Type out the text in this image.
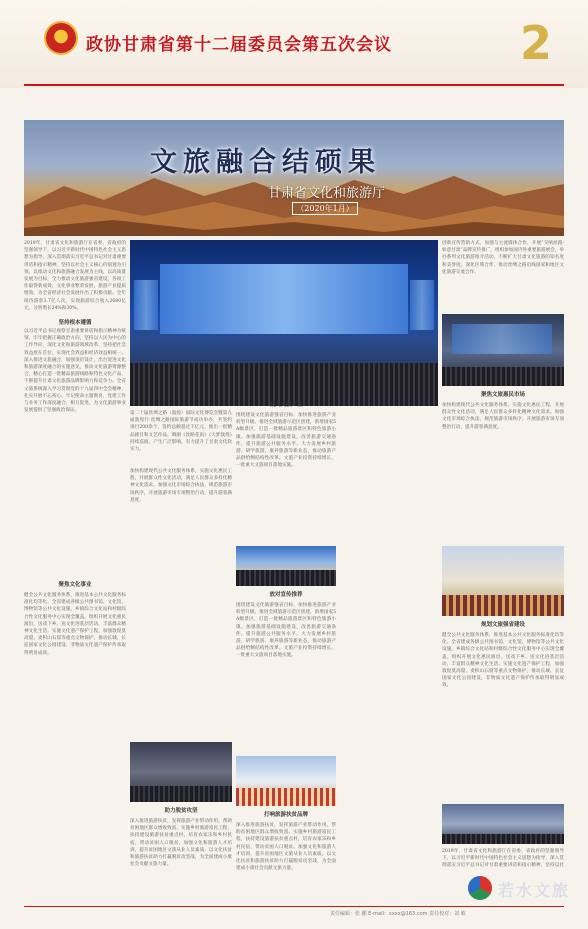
政协甘肃省第十二届委员会第五次会议	2
文旅融合结硕果
甘肃省文化和旅游厅
（2020年1月）
2019年，甘肃省文化和旅游厅在省委、省政府的坚强领导下，以习近平新时代中国特色社会主义思想为指导，深入贯彻落实习近平总书记对甘肃重要讲话和指示精神，坚持以社会主义核心价值观为引领，以推动文化和旅游融合发展为主线，以高质量发展为目标，全力推动文化旅游强省建设，各项工作取得新成效，文化事业繁荣发展，旅游产业提质增效，为全省经济社会发展作出了积极贡献。全年接待游客3.7亿人次，实现旅游综合收入2680亿元，分别增长24%和30%。
坚持根本遵循
以习近平总书记视察甘肃重要讲话和指示精神为统领，牢牢把握正确政治方向，坚持以人民为中心的工作导向，深化文化和旅游领域改革，坚持把社会效益放在首位、实现社会效益和经济效益相统一。深入推进文旅融合，加强顶层设计，出台促进文化和旅游深度融合的实施意见，推动文化旅游资源整合，精心打造一批精品旅游线路和特色文化产品，不断提升甘肃文化旅游品牌影响力和竞争力。全省文旅系统深入学习贯彻党的十九届四中全会精神，扎实开展不忘初心、牢记使命主题教育，党建工作与业务工作深度融合、相互促进，为文化旅游事业发展提供了坚强政治保证。
聚焦文化事业
健全公共文化服务体系，推进基本公共文化服务标准化均等化。全省建成各级公共图书馆、文化馆、博物馆等公共文化设施，乡镇综合文化站和村级综合性文化服务中心实现全覆盖。组织开展文化惠民演出，送戏下乡、送文化进基层活动，丰富群众精神文化生活。实施文化遗产保护工程，加强敦煌莫高窟、麦积山石窟等重点文物保护，推动长城、长征国家文化公园建设，非物质文化遗产保护传承取得明显成效。
第二十届丝绸之路（敦煌）国际文化博览会暨第九届敦煌行·丝绸之路国际旅游节成功举办，共签约项目200余个，签约总额超过千亿元。推出一批精品剧目和文艺作品，舞剧《丝路花雨》《大梦敦煌》持续巡演，产生广泛影响，有力提升了甘肃文化软实力。
做大文旅产业
围绕建设文化旅游强省目标，加快推进旅游产业转型升级。推进全域旅游示范区创建，新增国家5A级景区，打造一批精品旅游景区和特色旅游小镇。加强旅游基础设施建设，改善旅游交通条件，提升旅游公共服务水平。大力发展乡村旅游、研学旅游、康养旅游等新业态，推动旅游产品供给侧结构性改革。文旅产业投资持续增长，一批重大文旅项目落地实施。
加快构建现代公共文化服务体系，实施文化惠民工程，开展群众性文化活动，满足人民群众多样化精神文化需求。加强文化市场综合执法，规范旅游市场秩序，开展旅游市场专项整治行动，提升游客满意度。
创新宣传营销方式，加强与主流媒体合作，开展“交响丝路·如意甘肃”品牌宣传推广，组织参加国内外重要旅游展会，举办系列文化旅游推介活动，不断扩大甘肃文化旅游的知名度和美誉度。深化区域合作，推动丝绸之路沿线国家和地区文化旅游交流合作。
聚焦文旅惠民市场
加快构建现代公共文化服务体系，实施文化惠民工程，开展群众性文化活动，满足人民群众多样化精神文化需求。加强文化市场综合执法，规范旅游市场秩序，开展旅游市场专项整治行动，提升游客满意度。
放对宣传推荐
围绕建设文化旅游强省目标，加快推进旅游产业转型升级。推进全域旅游示范区创建，新增国家5A级景区，打造一批精品旅游景区和特色旅游小镇。加强旅游基础设施建设，改善旅游交通条件，提升旅游公共服务水平。大力发展乡村旅游、研学旅游、康养旅游等新业态，推动旅游产品供给侧结构性改革。文旅产业投资持续增长，一批重大文旅项目落地实施。
规划文旅强省建设
健全公共文化服务体系，推进基本公共文化服务标准化均等化。全省建成各级公共图书馆、文化馆、博物馆等公共文化设施，乡镇综合文化站和村级综合性文化服务中心实现全覆盖。组织开展文化惠民演出，送戏下乡、送文化进基层活动，丰富群众精神文化生活。实施文化遗产保护工程，加强敦煌莫高窟、麦积山石窟等重点文物保护，推动长城、长征国家文化公园建设，非物质文化遗产保护传承取得明显成效。
助力脱贫攻坚
深入推进旅游扶贫，发挥旅游产业带动作用，帮助贫困地区群众增收致富。实施乡村旅游富民工程，扶持建设旅游扶贫重点村，培育农家乐和乡村民宿，带动贫困人口脱贫。加强文化和旅游人才培训，提升贫困地区文旅从业人员素质。以文化扶贫和旅游扶贫助力打赢脱贫攻坚战，为全面建成小康社会贡献文旅力量。
打响旅游扶贫品牌
深入推进旅游扶贫，发挥旅游产业带动作用，帮助贫困地区群众增收致富。实施乡村旅游富民工程，扶持建设旅游扶贫重点村，培育农家乐和乡村民宿，带动贫困人口脱贫。加强文化和旅游人才培训，提升贫困地区文旅从业人员素质。以文化扶贫和旅游扶贫助力打赢脱贫攻坚战，为全面建成小康社会贡献文旅力量。
2019年，甘肃省文化和旅游厅在省委、省政府的坚强领导下，以习近平新时代中国特色社会主义思想为指导，深入贯彻落实习近平总书记对甘肃重要讲话和指示精神，坚持以社
责任编辑：张 鹏 E-mail：xxxx@163.com 责任校对：刘 敏
若水文旅
